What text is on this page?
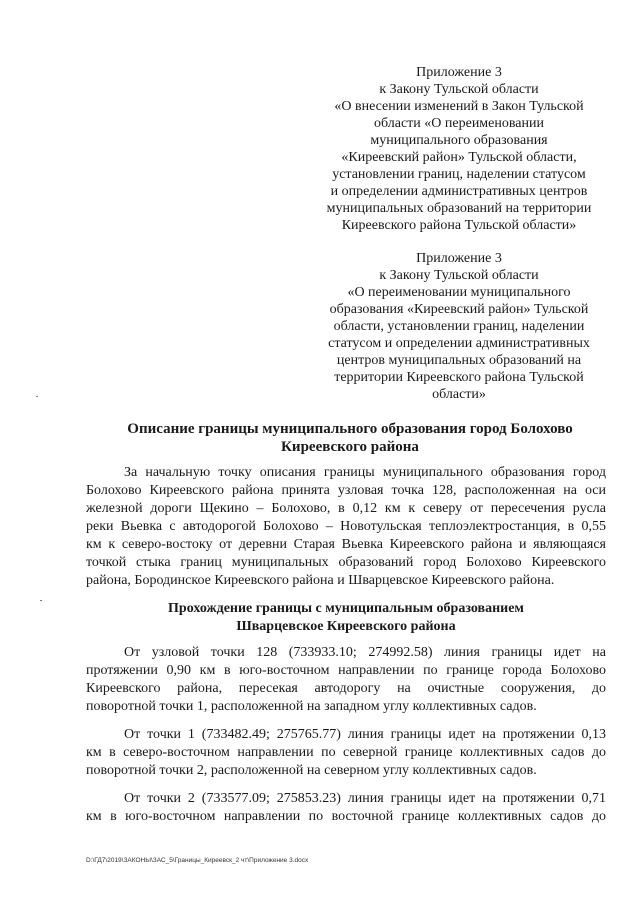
Приложение 3
к Закону Тульской области
«О внесении изменений в Закон Тульской
области «О переименовании
муниципального образования
«Киреевский район» Тульской области,
установлении границ, наделении статусом
и определении административных центров
муниципальных образований на территории
Киреевского района Тульской области»
Приложение 3
к Закону Тульской области
«О переименовании муниципального
образования «Киреевский район» Тульской
области, установлении границ, наделении
статусом и определении административных
центров муниципальных образований на
территории Киреевского района Тульской
области»
Описание границы муниципального образования город Болохово
Киреевского района
За начальную точку описания границы муниципального образования город
Болохово Киреевского района принята узловая точка 128, расположенная на оси
железной дороги Щекино – Болохово, в 0,12 км к северу от пересечения русла
реки Вьевка с автодорогой Болохово – Новотульская теплоэлектростанция, в 0,55
км к северо-востоку от деревни Старая Вьевка Киреевского района и являющаяся
точкой стыка границ муниципальных образований город Болохово Киреевского
района, Бородинское Киреевского района и Шварцевское Киреевского района.
Прохождение границы с муниципальным образованием
Шварцевское Киреевского района
От узловой точки 128 (733933.10; 274992.58) линия границы идет на
протяжении 0,90 км в юго-восточном направлении по границе города Болохово
Киреевского района, пересекая автодорогу на очистные сооружения, до
поворотной точки 1, расположенной на западном углу коллективных садов.
От точки 1 (733482.49; 275765.77) линия границы идет на протяжении 0,13
км в северо-восточном направлении по северной границе коллективных садов до
поворотной точки 2, расположенной на северном углу коллективных садов.
От точки 2 (733577.09; 275853.23) линия границы идет на протяжении 0,71
км в юго-восточном направлении по восточной границе коллективных садов до
D:\ГД7\2019\ЗАКОНЫ\ЗАС_5\Границы_Киреевск_2 чт\Приложение 3.docx
